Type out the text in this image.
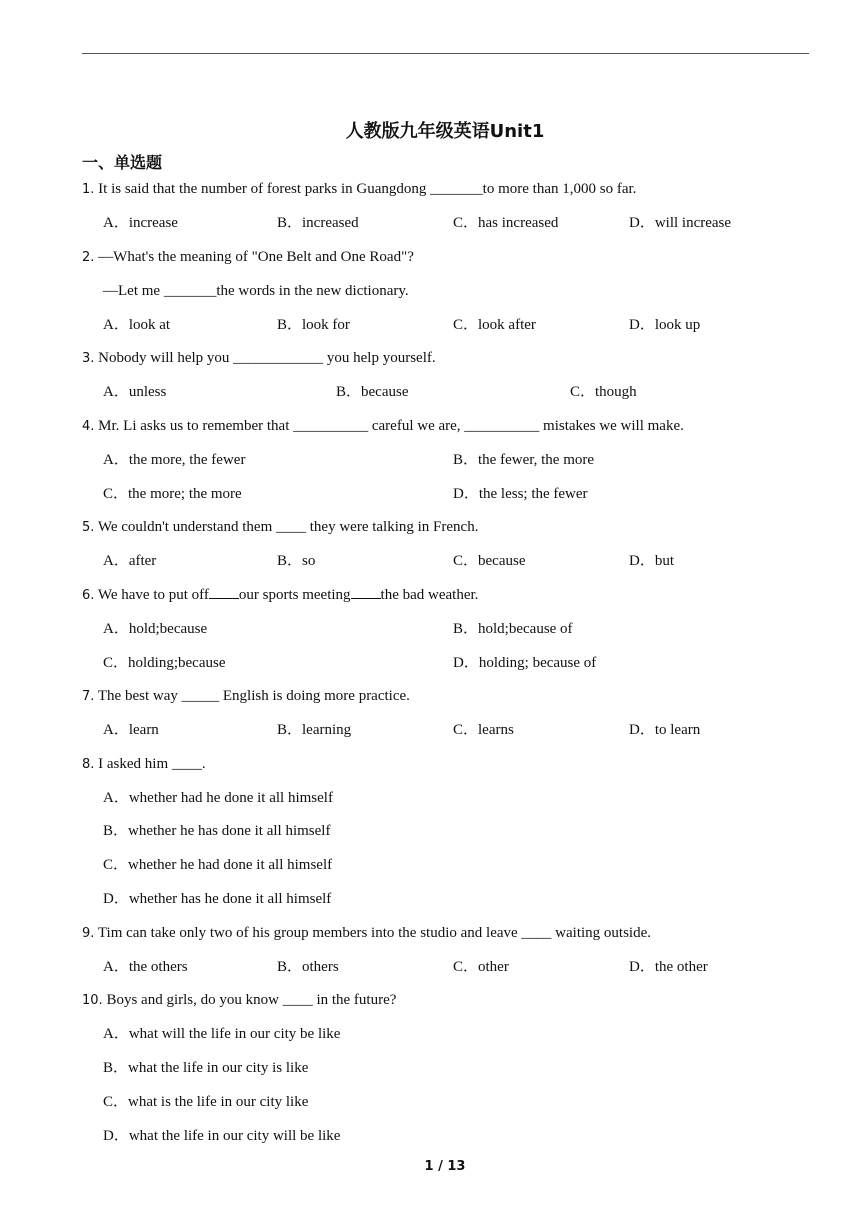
人教版九年级英语Unit1
一、单选题
1. It is said that the number of forest parks in Guangdong _______to more than 1,000 so far.
A．increase	B．increased	C．has increased	D．will increase
2. —What's the meaning of "One Belt and One Road"?
—Let me _______the words in the new dictionary.
A．look at	B．look for	C．look after	D．look up
3. Nobody will help you ____________ you help yourself.
A．unless	B．because	C．though
4. Mr. Li asks us to remember that __________ careful we are, __________ mistakes we will make.
A．the more, the fewer	B．the fewer, the more
C．the more; the more	D．the less; the fewer
5. We couldn't understand them ____ they were talking in French.
A．after	B．so	C．because	D．but
6. We have to put off our sports meeting the bad weather.
A．hold;because	B．hold;because of
C．holding;because	D．holding; because of
7. The best way _____ English is doing more practice.
A．learn	B．learning	C．learns	D．to learn
8. I asked him ____.
A．whether had he done it all himself
B．whether he has done it all himself
C．whether he had done it all himself
D．whether has he done it all himself
9. Tim can take only two of his group members into the studio and leave ____ waiting outside.
A．the others	B．others	C．other	D．the other
10. Boys and girls, do you know ____ in the future?
A．what will the life in our city be like
B．what the life in our city is like
C．what is the life in our city like
D．what the life in our city will be like
1 / 13
